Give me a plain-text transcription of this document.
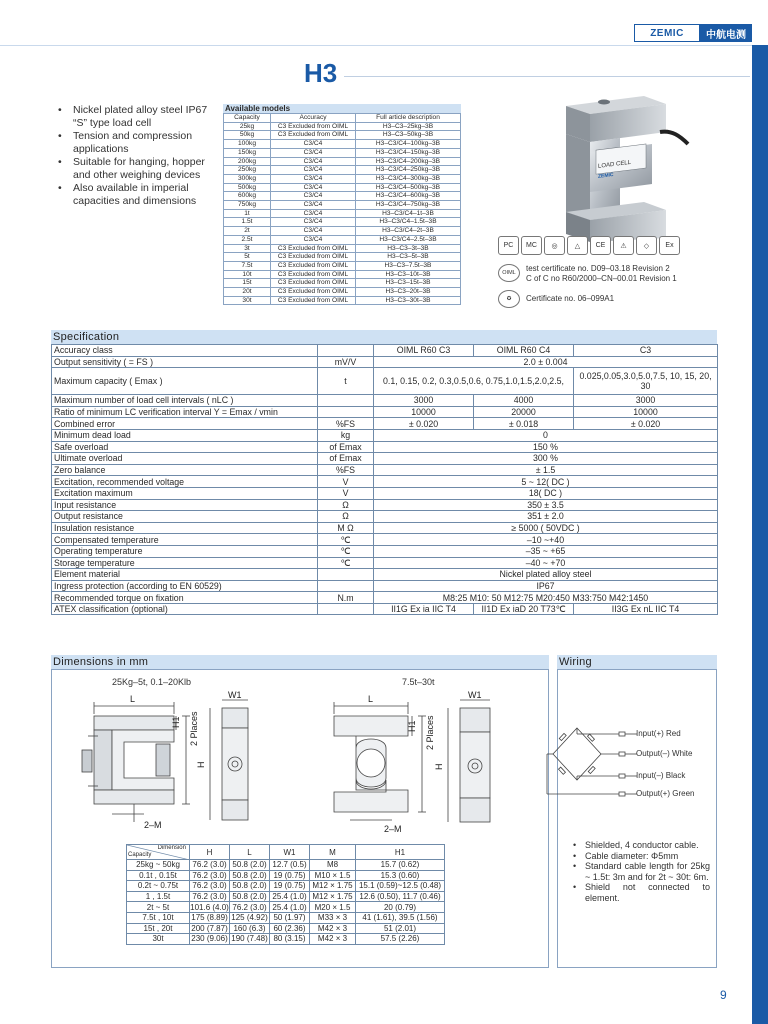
ZEMIC	中航电测
H3
• Nickel plated alloy steel IP67 “S” type load cell
• Tension and compression applications
• Suitable for hanging, hopper and other weighing devices
• Also available in imperial capacities and dimensions
Available models
Capacity	Accuracy	Full article description
25kg	C3 Excluded from OIML	H3–C3–25kg–3B
50kg	C3 Excluded from OIML	H3–C3–50kg–3B
100kg	C3/C4	H3–C3/C4–100kg–3B
150kg	C3/C4	H3–C3/C4–150kg–3B
200kg	C3/C4	H3–C3/C4–200kg–3B
250kg	C3/C4	H3–C3/C4–250kg–3B
300kg	C3/C4	H3–C3/C4–300kg–3B
500kg	C3/C4	H3–C3/C4–500kg–3B
600kg	C3/C4	H3–C3/C4–600kg–3B
750kg	C3/C4	H3–C3/C4–750kg–3B
1t	C3/C4	H3–C3/C4–1t–3B
1.5t	C3/C4	H3–C3/C4–1.5t–3B
2t	C3/C4	H3–C3/C4–2t–3B
2.5t	C3/C4	H3–C3/C4–2.5t–3B
3t	C3 Excluded from OIML	H3–C3–3t–3B
5t	C3 Excluded from OIML	H3–C3–5t–3B
7.5t	C3 Excluded from OIML	H3–C3–7.5t–3B
10t	C3 Excluded from OIML	H3–C3–10t–3B
15t	C3 Excluded from OIML	H3–C3–15t–3B
20t	C3 Excluded from OIML	H3–C3–20t–3B
30t	C3 Excluded from OIML	H3–C3–30t–3B
LOAD CELL
ZEMIC
PC	MC	◎	△	CE	⚠	◇	Ex
OIML	test certificate no. D09–03.18 Revision 2
C of C no R60/2000–CN–00.01 Revision 1
✪	Certificate no. 06–099A1
Specification
Accuracy class		OIML R60 C3	OIML R60 C4	C3
Output sensitivity ( = FS )	mV/V	2.0 ± 0.004		
Maximum capacity ( Emax )	t	0.1, 0.15, 0.2, 0.3,0.5,0.6, 0.75,1.0,1.5,2.0,2.5,		0.025,0.05,3.0,5.0,7.5, 10, 15, 20, 30
Maximum number of load cell intervals ( nLC )		3000	4000	3000
Ratio of minimum LC verification interval Y = Emax / vmin		10000	20000	10000
Combined error	%FS	± 0.020	± 0.018	± 0.020
Minimum dead load	kg	0		
Safe overload	of Emax	150 %		
Ultimate overload	of Emax	300 %		
Zero balance	%FS	± 1.5		
Excitation, recommended voltage	V	5 ~ 12( DC )		
Excitation maximum	V	18( DC )		
Input resistance	Ω	350 ± 3.5		
Output resistance	Ω	351 ± 2.0		
Insulation resistance	M Ω	≥ 5000 ( 50VDC )		
Compensated temperature	℃	–10 ~+40		
Operating temperature	℃	–35 ~ +65		
Storage temperature	℃	–40 ~ +70		
Element material		Nickel plated alloy steel		
Ingress protection (according to EN 60529)		IP67		
Recommended torque on fixation	N.m	M8:25 M10: 50 M12:75 M20:450 M33:750 M42:1450		
ATEX classification (optional)		II1G Ex ia IIC T4	II1D Ex iaD 20 T73℃	II3G Ex nL IIC T4
Dimensions in mm	Wiring
25Kg–5t, 0.1–20Klb	7.5t–30t
L	W1
H1 2 Places
H
2–M
L	W1
H1 2 Places
H
2–M
Dimension
Capacity	H	L	W1	M	H1
25kg ~ 50kg	76.2 (3.0)	50.8 (2.0)	12.7 (0.5)	M8	15.7 (0.62)
0.1t , 0.15t	76.2 (3.0)	50.8 (2.0)	19 (0.75)	M10 × 1.5	15.3 (0.60)
0.2t ~ 0.75t	76.2 (3.0)	50.8 (2.0)	19 (0.75)	M12 × 1.75	15.1 (0.59)~12.5 (0.48)
1 , 1.5t	76.2 (3.0)	50.8 (2.0)	25.4 (1.0)	M12 × 1.75	12.6 (0.50), 11.7 (0.46)
2t ~ 5t	101.6 (4.0)	76.2 (3.0)	25.4 (1.0)	M20 × 1.5	20 (0.79)
7.5t , 10t	175 (8.89)	125 (4.92)	50 (1.97)	M33 × 3	41 (1.61), 39.5 (1.56)
15t , 20t	200 (7.87)	160 (6.3)	60 (2.36)	M42 × 3	51 (2.01)
30t	230 (9.06)	190 (7.48)	80 (3.15)	M42 × 3	57.5 (2.26)
Input(+) Red
Output(–) White
Input(–) Black
Output(+) Green
• Shielded, 4 conductor cable.
• Cable diameter: Φ5mm
• Standard cable length for 25kg ~ 1.5t: 3m and for 2t ~ 30t: 6m.
• Shield not connected to element.
9
